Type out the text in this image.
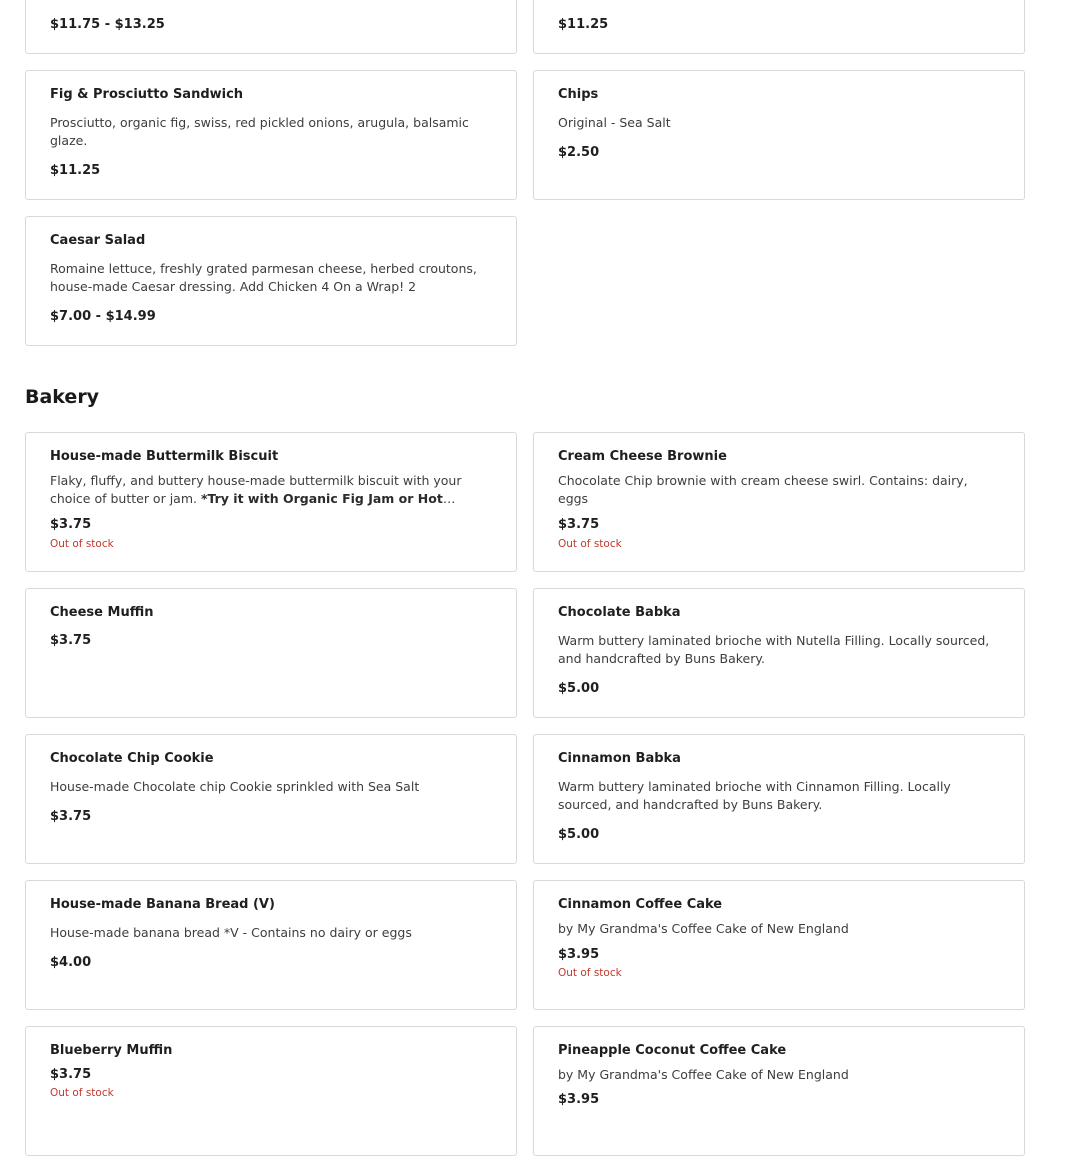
$11.75 - $13.25	$11.25
Fig & Prosciutto Sandwich
Prosciutto, organic fig, swiss, red pickled onions, arugula, balsamic glaze.
$11.25
Chips
Original - Sea Salt
$2.50
Caesar Salad
Romaine lettuce, freshly grated parmesan cheese, herbed croutons, house-made Caesar dressing. Add Chicken 4 On a Wrap! 2
$7.00 - $14.99
Bakery
House-made Buttermilk Biscuit
Flaky, fluffy, and buttery house-made buttermilk biscuit with your choice of butter or jam. *Try it with Organic Fig Jam or Hot
$3.75
Out of stock
Cream Cheese Brownie
Chocolate Chip brownie with cream cheese swirl. Contains: dairy, eggs
$3.75
Out of stock
Cheese Muffin
$3.75
Chocolate Babka
Warm buttery laminated brioche with Nutella Filling. Locally sourced, and handcrafted by Buns Bakery.
$5.00
Chocolate Chip Cookie
House-made Chocolate chip Cookie sprinkled with Sea Salt
$3.75
Cinnamon Babka
Warm buttery laminated brioche with Cinnamon Filling. Locally sourced, and handcrafted by Buns Bakery.
$5.00
House-made Banana Bread (V)
House-made banana bread *V - Contains no dairy or eggs
$4.00
Cinnamon Coffee Cake
by My Grandma's Coffee Cake of New England
$3.95
Out of stock
Blueberry Muffin
$3.75
Out of stock
Pineapple Coconut Coffee Cake
by My Grandma's Coffee Cake of New England
$3.95
